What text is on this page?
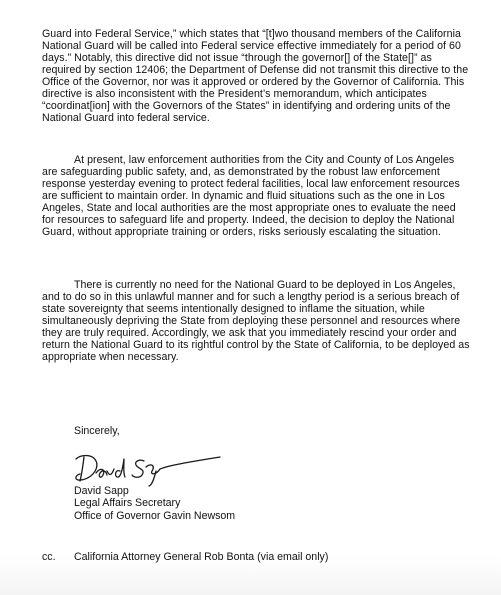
Guard into Federal Service,” which states that “[t]wo thousand members of the California National Guard will be called into Federal service effective immediately for a period of 60 days.” Notably, this directive did not issue “through the governor[] of the State[]” as required by section 12406; the Department of Defense did not transmit this directive to the Office of the Governor, nor was it approved or ordered by the Governor of California. This directive is also inconsistent with the President’s memorandum, which anticipates “coordinat[ion] with the Governors of the States” in identifying and ordering units of the National Guard into federal service.

At present, law enforcement authorities from the City and County of Los Angeles are safeguarding public safety, and, as demonstrated by the robust law enforcement response yesterday evening to protect federal facilities, local law enforcement resources are sufficient to maintain order. In dynamic and fluid situations such as the one in Los Angeles, State and local authorities are the most appropriate ones to evaluate the need for resources to safeguard life and property. Indeed, the decision to deploy the National Guard, without appropriate training or orders, risks seriously escalating the situation.

There is currently no need for the National Guard to be deployed in Los Angeles, and to do so in this unlawful manner and for such a lengthy period is a serious breach of state sovereignty that seems intentionally designed to inflame the situation, while simultaneously depriving the State from deploying these personnel and resources where they are truly required. Accordingly, we ask that you immediately rescind your order and return the National Guard to its rightful control by the State of California, to be deployed as appropriate when necessary.

Sincerely,

David Sapp
Legal Affairs Secretary
Office of Governor Gavin Newsom
cc. California Attorney General Rob Bonta (via email only)
